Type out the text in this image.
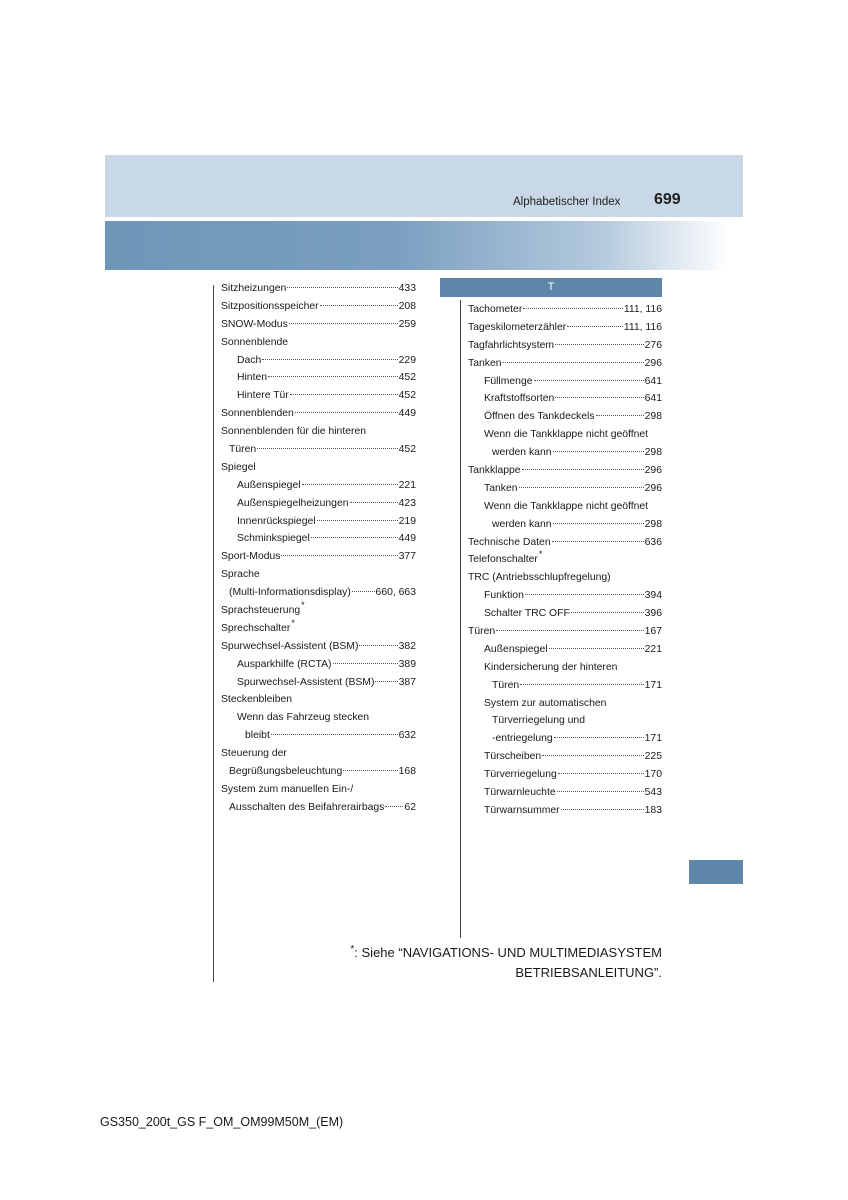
Alphabetischer Index 699
Sitzheizungen	433
Sitzpositionsspeicher	208
SNOW-Modus	259
Sonnenblende
Dach	229
Hinten	452
Hintere Tür	452
Sonnenblenden	449
Sonnenblenden für die hinteren
Türen	452
Spiegel
Außenspiegel	221
Außenspiegelheizungen	423
Innenrückspiegel	219
Schminkspiegel	449
Sport-Modus	377
Sprache
(Multi-Informationsdisplay) 660, 663
Sprachsteuerung *
Sprechschalter *
Spurwechsel-Assistent (BSM)	382
Ausparkhilfe (RCTA)	389
Spurwechsel-Assistent (BSM) 387
Steckenbleiben
Wenn das Fahrzeug stecken
bleibt	632
Steuerung der
Begrüßungsbeleuchtung	168
System zum manuellen Ein-/
Ausschalten des Beifahrerairbags 62
T
Tachometer	111, 116
Tageskilometerzähler	111, 116
Tagfahrlichtsystem	276
Tanken	296
Füllmenge	641
Kraftstoffsorten	641
Öffnen des Tankdeckels	298
Wenn die Tankklappe nicht geöffnet
werden kann	298
Tankklappe	296
Tanken	296
Wenn die Tankklappe nicht geöffnet
werden kann	298
Technische Daten	636
Telefonschalter *
TRC (Antriebsschlupfregelung)
Funktion	394
Schalter TRC OFF	396
Türen	167
Außenspiegel	221
Kindersicherung der hinteren
Türen	171
System zur automatischen
Türverriegelung und
-entriegelung	171
Türscheiben	225
Türverriegelung	170
Türwarnleuchte	543
Türwarnsummer	183
*: Siehe “NAVIGATIONS- UND MULTIMEDIASYSTEM
BETRIEBSANLEITUNG”.
GS350_200t_GS F_OM_OM99M50M_(EM)
